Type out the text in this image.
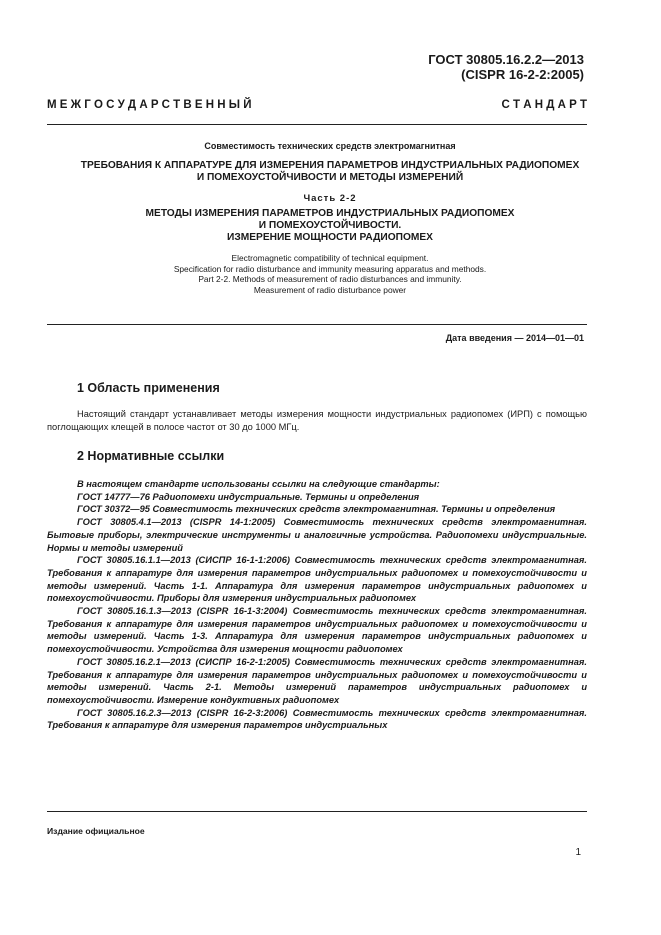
ГОСТ 30805.16.2.2—2013
(CISPR 16-2-2:2005)
М Е Ж Г О С У Д А Р С Т В Е Н Н Ы Й	С Т А Н Д А Р Т
Совместимость технических средств электромагнитная
ТРЕБОВАНИЯ К АППАРАТУРЕ ДЛЯ ИЗМЕРЕНИЯ ПАРАМЕТРОВ ИНДУСТРИАЛЬНЫХ РАДИОПОМЕХ
И ПОМЕХОУСТОЙЧИВОСТИ И МЕТОДЫ ИЗМЕРЕНИЙ
Часть 2-2
МЕТОДЫ ИЗМЕРЕНИЯ ПАРАМЕТРОВ ИНДУСТРИАЛЬНЫХ РАДИОПОМЕХ
И ПОМЕХОУСТОЙЧИВОСТИ.
ИЗМЕРЕНИЕ МОЩНОСТИ РАДИОПОМЕХ
Electromagnetic compatibility of technical equipment.
Specification for radio disturbance and immunity measuring apparatus and methods.
Part 2-2. Methods of measurement of radio disturbances and immunity.
Measurement of radio disturbance power
Дата введения — 2014—01—01
1 Область применения

Настоящий стандарт устанавливает методы измерения мощности индустриальных радиопомех (ИРП) с помощью поглощающих клещей в полосе частот от 30 до 1000 МГц.

2 Нормативные ссылки

В настоящем стандарте использованы ссылки на следующие стандарты:

ГОСТ 14777—76 Радиопомехи индустриальные. Термины и определения

ГОСТ 30372—95 Совместимость технических средств электромагнитная. Термины и определения

ГОСТ 30805.4.1—2013 (CISPR 14-1:2005) Совместимость технических средств электромагнитная. Бытовые приборы, электрические инструменты и аналогичные устройства. Радиопомехи индустриальные. Нормы и методы измерений

ГОСТ 30805.16.1.1—2013 (СИСПР 16-1-1:2006) Совместимость технических средств электромагнитная. Требования к аппаратуре для измерения параметров индустриальных радиопомех и помехоустойчивости и методы измерений. Часть 1-1. Аппаратура для измерения параметров индустриальных радиопомех и помехоустойчивости. Приборы для измерения индустриальных радиопомех

ГОСТ 30805.16.1.3—2013 (CISPR 16-1-3:2004) Совместимость технических средств электромагнитная. Требования к аппаратуре для измерения параметров индустриальных радиопомех и помехоустойчивости и методы измерений. Часть 1-3. Аппаратура для измерения параметров индустриальных радиопомех и помехоустойчивости. Устройства для измерения мощности радиопомех

ГОСТ 30805.16.2.1—2013 (СИСПР 16-2-1:2005) Совместимость технических средств электромагнитная. Требования к аппаратуре для измерения параметров индустриальных радиопомех и помехоустойчивости и методы измерений. Часть 2-1. Методы измерений параметров индустриальных радиопомех и помехоустойчивости. Измерение кондуктивных радиопомех

ГОСТ 30805.16.2.3—2013 (CISPR 16-2-3:2006) Совместимость технических средств электромагнитная. Требования к аппаратуре для измерения параметров индустриальных

Издание официальное
1
